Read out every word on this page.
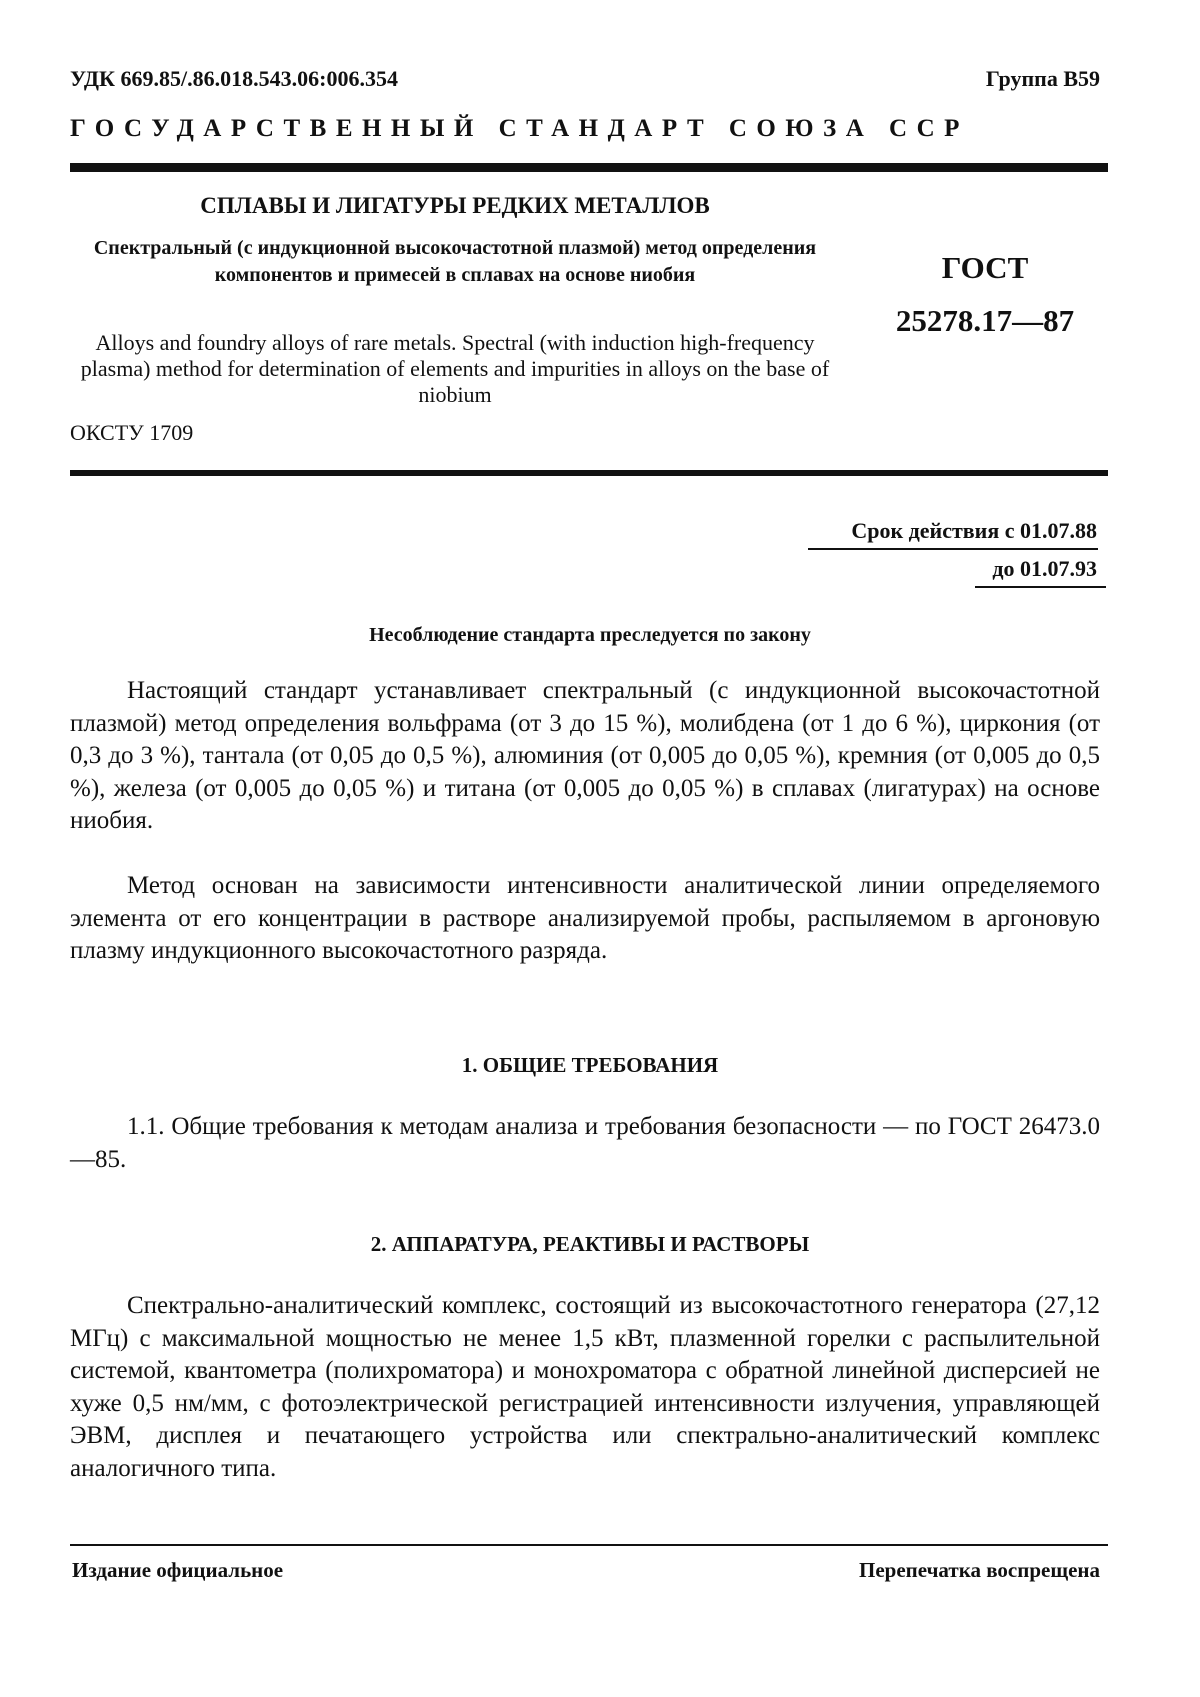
УДК 669.85/.86.018.543.06:006.354	Группа В59
ГОСУДАРСТВЕННЫЙ СТАНДАРТ СОЮЗА ССР
СПЛАВЫ И ЛИГАТУРЫ РЕДКИХ МЕТАЛЛОВ
Спектральный (с индукционной высокочастотной плазмой) метод определения компонентов и примесей в сплавах на основе ниобия
Alloys and foundry alloys of rare metals. Spectral (with induction high-frequency plasma) method for determination of elements and impurities in alloys on the base of niobium
ОКСТУ 1709
ГОСТ
25278.17—87
Срок действия с 01.07.88
до 01.07.93
Несоблюдение стандарта преследуется по закону
Настоящий стандарт устанавливает спектральный (с индукционной высокочастотной плазмой) метод определения вольфрама (от 3 до 15 %), молибдена (от 1 до 6 %), циркония (от 0,3 до 3 %), тантала (от 0,05 до 0,5 %), алюминия (от 0,005 до 0,05 %), кремния (от 0,005 до 0,5 %), железа (от 0,005 до 0,05 %) и титана (от 0,005 до 0,05 %) в сплавах (лигатурах) на основе ниобия.
Метод основан на зависимости интенсивности аналитической линии определяемого элемента от его концентрации в растворе анализируемой пробы, распыляемом в аргоновую плазму индукционного высокочастотного разряда.
1. ОБЩИЕ ТРЕБОВАНИЯ
1.1. Общие требования к методам анализа и требования безопасности — по ГОСТ 26473.0—85.
2. АППАРАТУРА, РЕАКТИВЫ И РАСТВОРЫ
Спектрально-аналитический комплекс, состоящий из высокочастотного генератора (27,12 МГц) с максимальной мощностью не менее 1,5 кВт, плазменной горелки с распылительной системой, квантометра (полихроматора) и монохроматора с обратной линейной дисперсией не хуже 0,5 нм/мм, с фотоэлектрической регистрацией интенсивности излучения, управляющей ЭВМ, дисплея и печатающего устройства или спектрально-аналитический комплекс аналогичного типа.
Издание официальное	Перепечатка воспрещена
